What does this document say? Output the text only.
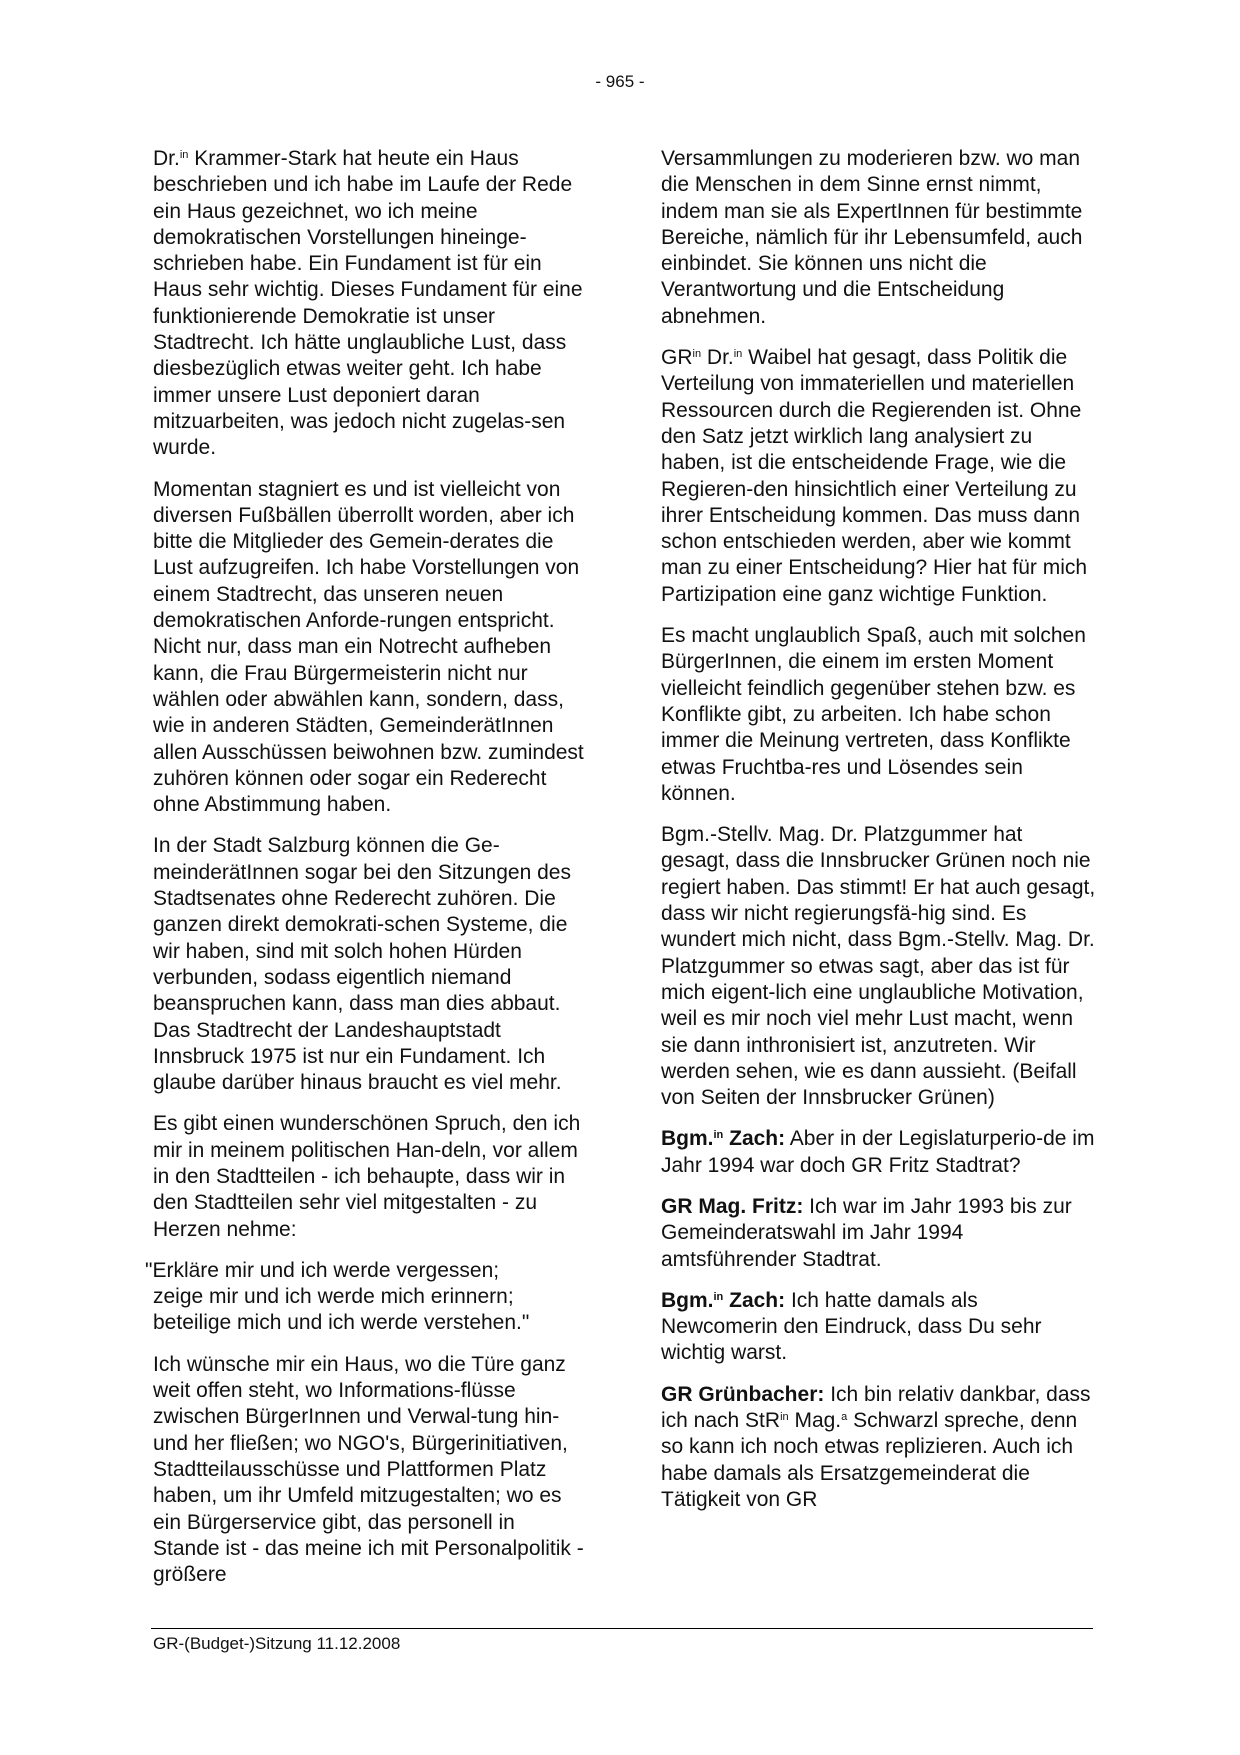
- 965 -

Dr.$^{in}$ Krammer-Stark hat heute ein Haus beschrieben und ich habe im Laufe der Rede ein Haus gezeichnet, wo ich meine demokratischen Vorstellungen hineinge-schrieben habe. Ein Fundament ist für ein Haus sehr wichtig. Dieses Fundament für eine funktionierende Demokratie ist unser Stadtrecht. Ich hätte unglaubliche Lust, dass diesbezüglich etwas weiter geht. Ich habe immer unsere Lust deponiert daran mitzuarbeiten, was jedoch nicht zugelas-sen wurde.

Momentan stagniert es und ist vielleicht von diversen Fußbällen überrollt worden, aber ich bitte die Mitglieder des Gemein-derates die Lust aufzugreifen. Ich habe Vorstellungen von einem Stadtrecht, das unseren neuen demokratischen Anforde-rungen entspricht. Nicht nur, dass man ein Notrecht aufheben kann, die Frau Bürgermeisterin nicht nur wählen oder abwählen kann, sondern, dass, wie in anderen Städten, GemeinderätInnen allen Ausschüssen beiwohnen bzw. zumindest zuhören können oder sogar ein Rederecht ohne Abstimmung haben.

In der Stadt Salzburg können die Ge-meinderätInnen sogar bei den Sitzungen des Stadtsenates ohne Rederecht zuhören. Die ganzen direkt demokrati-schen Systeme, die wir haben, sind mit solch hohen Hürden verbunden, sodass eigentlich niemand beanspruchen kann, dass man dies abbaut. Das Stadtrecht der Landeshauptstadt Innsbruck 1975 ist nur ein Fundament. Ich glaube darüber hinaus braucht es viel mehr.

Es gibt einen wunderschönen Spruch, den ich mir in meinem politischen Han-deln, vor allem in den Stadtteilen - ich behaupte, dass wir in den Stadtteilen sehr viel mitgestalten - zu Herzen nehme:

"Erkläre mir und ich werde vergessen;
zeige mir und ich werde mich erinnern;
beteilige mich und ich werde verstehen."

Ich wünsche mir ein Haus, wo die Türe ganz weit offen steht, wo Informations-flüsse zwischen BürgerInnen und Verwal-tung hin- und her fließen; wo NGO's, Bürgerinitiativen, Stadtteilausschüsse und Plattformen Platz haben, um ihr Umfeld mitzugestalten; wo es ein Bürgerservice gibt, das personell in Stande ist - das meine ich mit Personalpolitik - größere

Versammlungen zu moderieren bzw. wo man die Menschen in dem Sinne ernst nimmt, indem man sie als ExpertInnen für bestimmte Bereiche, nämlich für ihr Lebensumfeld, auch einbindet. Sie können uns nicht die Verantwortung und die Entscheidung abnehmen.

$GR^{in}$ Dr.$^{in}$ Waibel hat gesagt, dass Politik die Verteilung von immateriellen und materiellen Ressourcen durch die Regierenden ist. Ohne den Satz jetzt wirklich lang analysiert zu haben, ist die entscheidende Frage, wie die Regieren-den hinsichtlich einer Verteilung zu ihrer Entscheidung kommen. Das muss dann schon entschieden werden, aber wie kommt man zu einer Entscheidung? Hier hat für mich Partizipation eine ganz wichtige Funktion.

Es macht unglaublich Spaß, auch mit solchen BürgerInnen, die einem im ersten Moment vielleicht feindlich gegenüber stehen bzw. es Konflikte gibt, zu arbeiten. Ich habe schon immer die Meinung vertreten, dass Konflikte etwas Fruchtba-res und Lösendes sein können.

Bgm.-Stellv. Mag. Dr. Platzgummer hat gesagt, dass die Innsbrucker Grünen noch nie regiert haben. Das stimmt! Er hat auch gesagt, dass wir nicht regierungsfä-hig sind. Es wundert mich nicht, dass Bgm.-Stellv. Mag. Dr. Platzgummer so etwas sagt, aber das ist für mich eigent-lich eine unglaubliche Motivation, weil es mir noch viel mehr Lust macht, wenn sie dann inthronisiert ist, anzutreten. Wir werden sehen, wie es dann aussieht. (Beifall von Seiten der Innsbrucker Grünen)

Bgm.$^{in}$ Zach: Aber in der Legislaturperio-de im Jahr 1994 war doch GR Fritz Stadtrat?

GR Mag. Fritz: Ich war im Jahr 1993 bis zur Gemeinderatswahl im Jahr 1994 amtsführender Stadtrat.

Bgm.$^{in}$ Zach: Ich hatte damals als Newcomerin den Eindruck, dass Du sehr wichtig warst.

GR Grünbacher: Ich bin relativ dankbar, dass ich nach StR$^{in}$ Mag.$^a$ Schwarzl spreche, denn so kann ich noch etwas replizieren. Auch ich habe damals als Ersatzgemeinderat die Tätigkeit von GR

GR-(Budget-)Sitzung 11.12.2008
